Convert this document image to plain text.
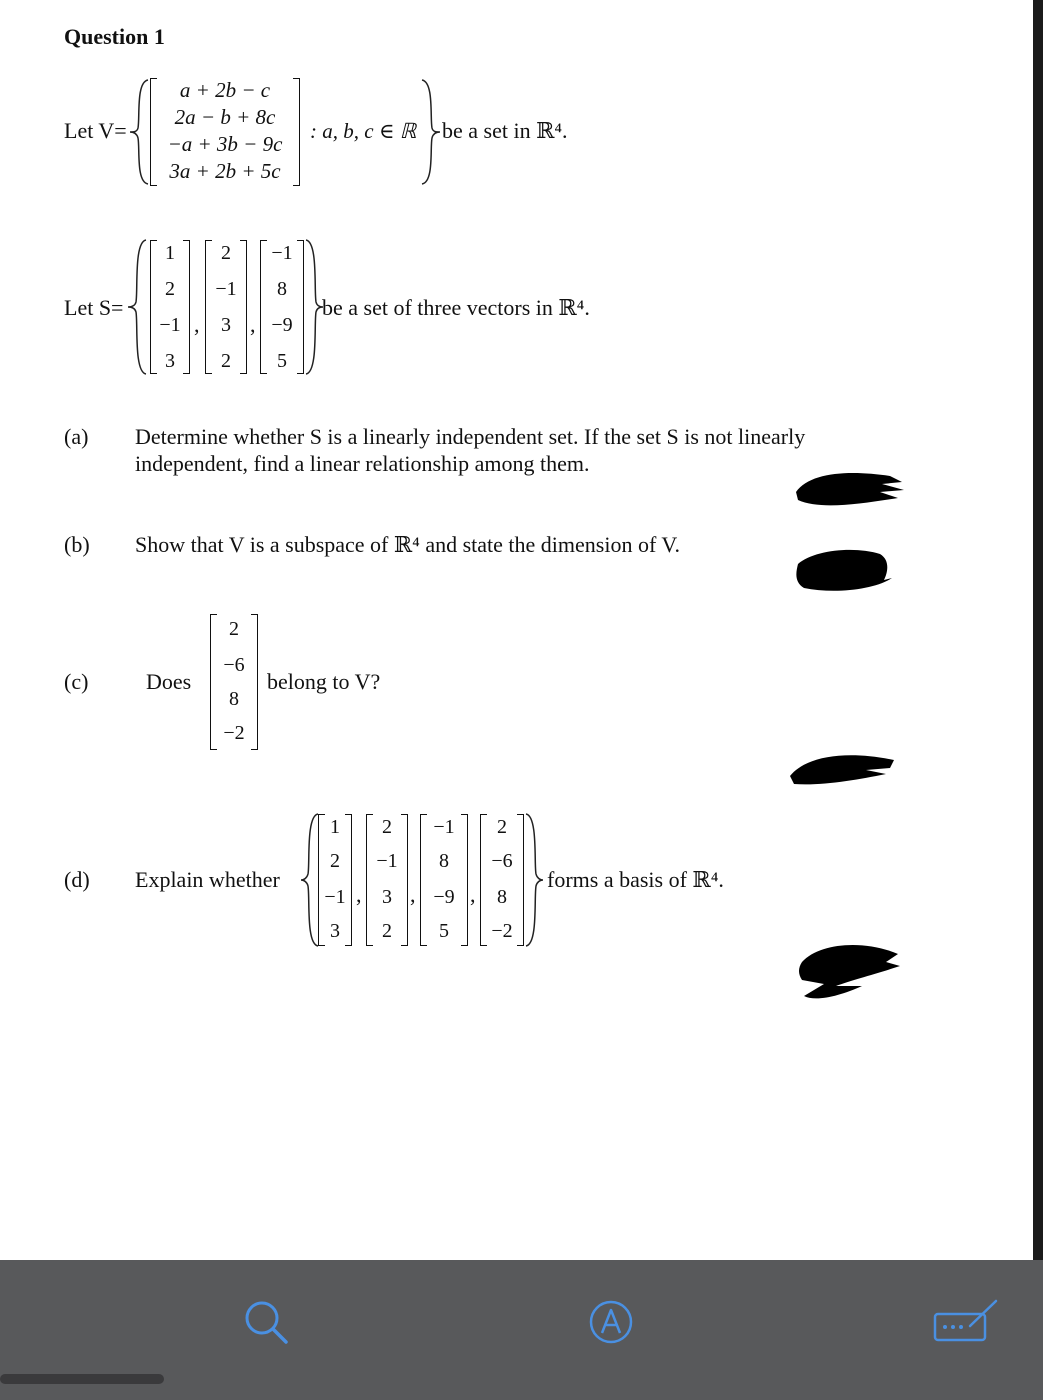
Question 1
Let V=
a + 2b − c
2a − b + 8c
−a + 3b − 9c
3a + 2b + 5c
: a, b, c ∈ ℝ be a set in ℝ⁴.
Let S=
1
2
−1
3
,
2
−1
3
2
,
−1
8
−9
5
be a set of three vectors in ℝ⁴.
(a) Determine whether S is a linearly independent set. If the set S is not linearly
independent, find a linear relationship among them.
(b) Show that V is a subspace of ℝ⁴ and state the dimension of V.
(c)	Does
2
−6
8
−2
belong to V?
(d) Explain whether
1
2
−1
3
,
2
−1
3
2
,
−1
8
−9
5
,
2
−6
8
−2
forms a basis of ℝ⁴.
